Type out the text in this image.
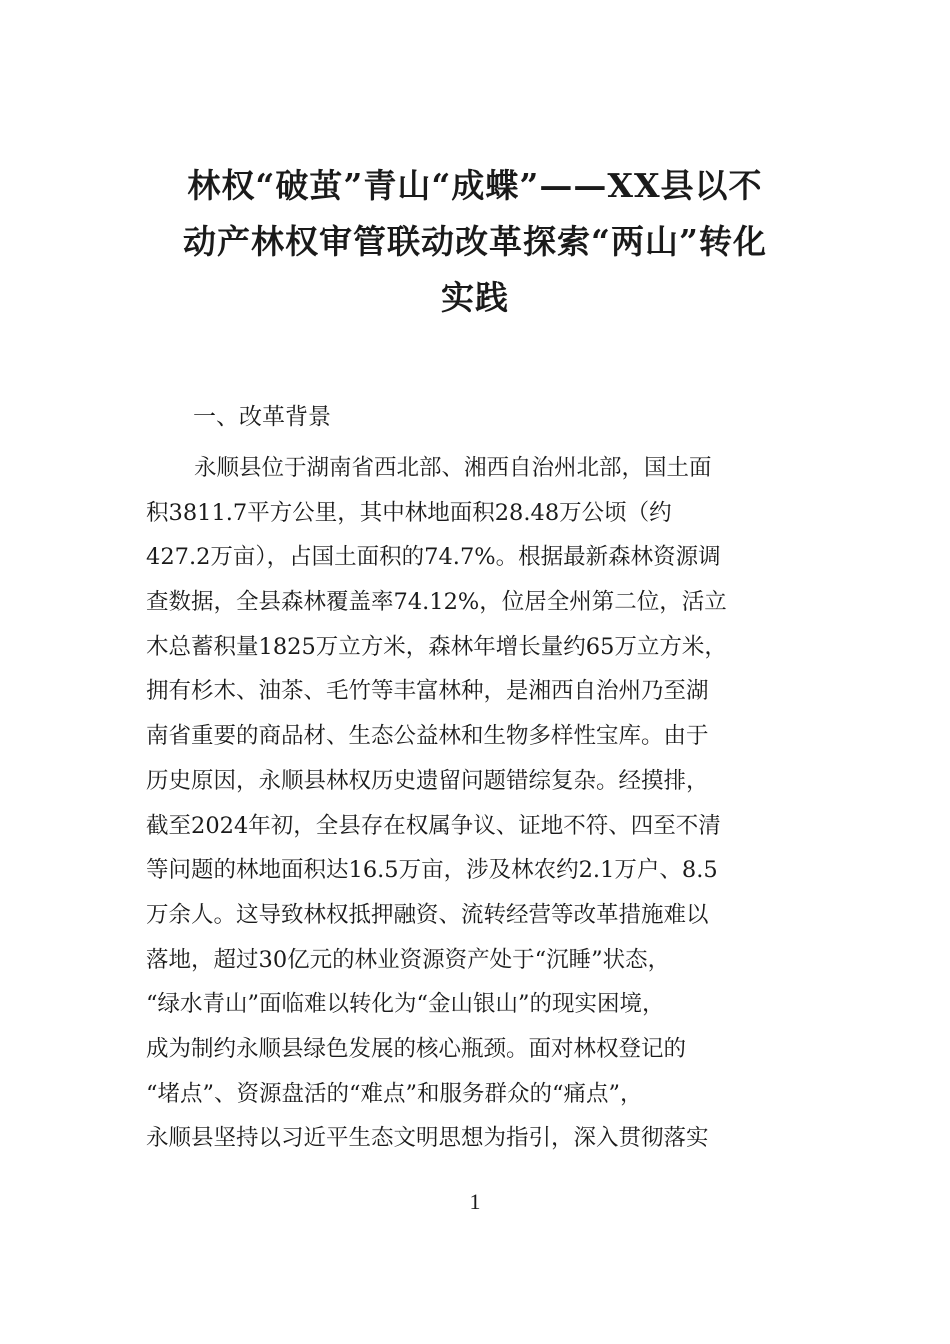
林权“破茧”青山“成蝶”——XX县以不
动产林权审管联动改革探索“两山”转化
实践
一、改革背景
永顺县位于湖南省西北部、湘西自治州北部，国土面
积3811.7平方公里，其中林地面积28.48万公顷（约
427.2万亩），占国土面积的74.7%。根据最新森林资源调
查数据，全县森林覆盖率74.12%，位居全州第二位，活立
木总蓄积量1825万立方米，森林年增长量约65万立方米，
拥有杉木、油茶、毛竹等丰富林种，是湘西自治州乃至湖
南省重要的商品材、生态公益林和生物多样性宝库。由于
历史原因，永顺县林权历史遗留问题错综复杂。经摸排，
截至2024年初，全县存在权属争议、证地不符、四至不清
等问题的林地面积达16.5万亩，涉及林农约2.1万户、8.5
万余人。这导致林权抵押融资、流转经营等改革措施难以
落地，超过30亿元的林业资源资产处于“沉睡”状态，
“绿水青山”面临难以转化为“金山银山”的现实困境，
成为制约永顺县绿色发展的核心瓶颈。面对林权登记的
“堵点”、资源盘活的“难点”和服务群众的“痛点”，
永顺县坚持以习近平生态文明思想为指引，深入贯彻落实
1
